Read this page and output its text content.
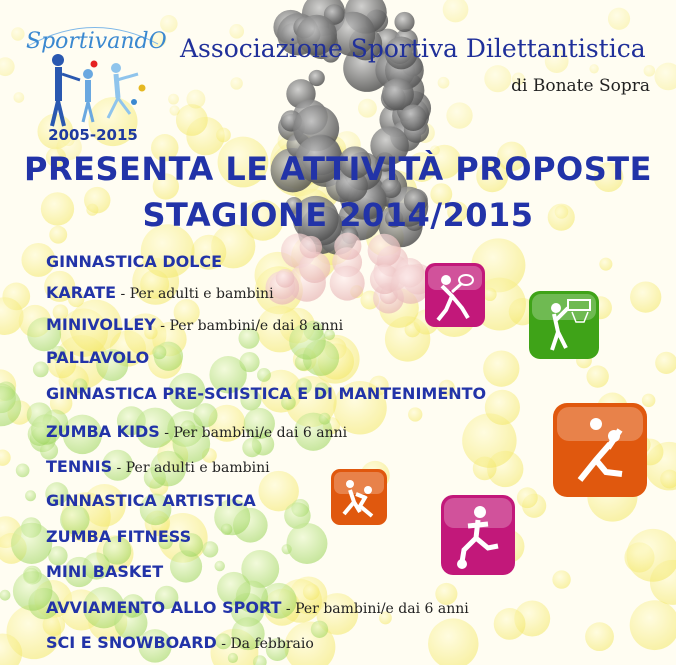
SportivandO
2005-2015
Associazione Sportiva Dilettantistica
di Bonate Sopra
PRESENTA LE ATTIVITÀ PROPOSTE
STAGIONE 2014/2015
GINNASTICA DOLCE
KARATE - Per adulti e bambini
MINIVOLLEY - Per bambini/e dai 8 anni
PALLAVOLO
GINNASTICA PRE-SCIISTICA E DI MANTENIMENTO
ZUMBA KIDS - Per bambini/e dai 6 anni
TENNIS - Per adulti e bambini
GINNASTICA ARTISTICA
ZUMBA FITNESS
MINI BASKET
AVVIAMENTO ALLO SPORT - Per bambini/e dai 6 anni
SCI E SNOWBOARD - Da febbraio
